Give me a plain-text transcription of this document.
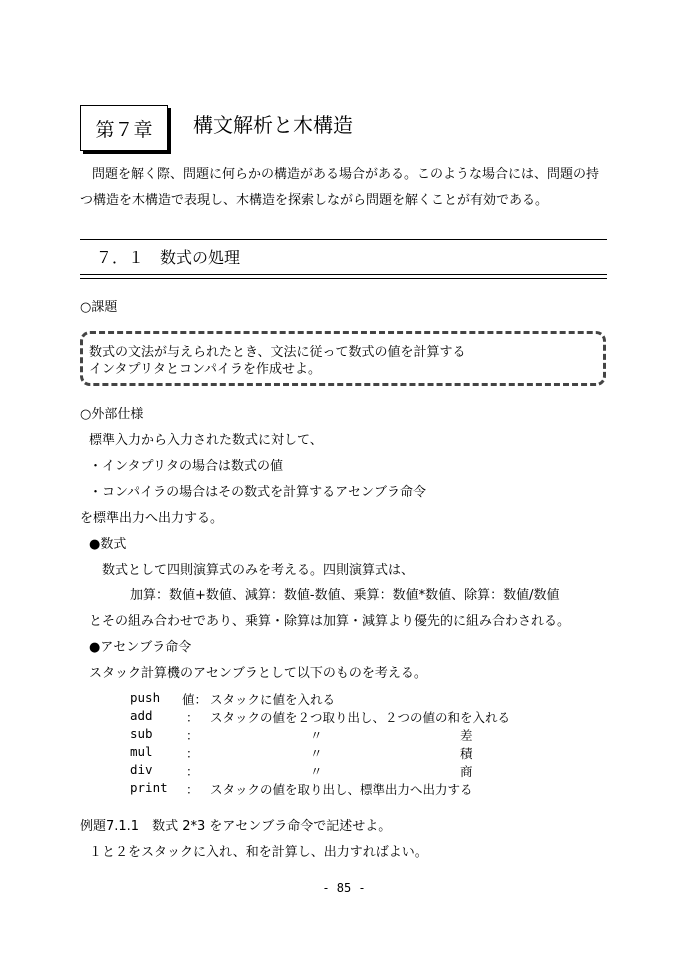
第７章 構文解析と木構造
問題を解く際、問題に何らかの構造がある場合がある。このような場合には、問題の持
つ構造を木構造で表現し、木構造を探索しながら問題を解くことが有効である。
７．１　数式の処理
○課題
数式の文法が与えられたとき、文法に従って数式の値を計算する
インタプリタとコンパイラを作成せよ。
○外部仕様
標準入力から入力された数式に対して、
・インタプリタの場合は数式の値
・コンパイラの場合はその数式を計算するアセンブラ命令
を標準出力へ出力する。
●数式
数式として四則演算式のみを考える。四則演算式は、
加算：数値+数値、減算：数値-数値、乗算：数値*数値、除算：数値/数値
とその組み合わせであり、乗算・除算は加算・減算より優先的に組み合わされる。
●アセンブラ命令
スタック計算機のアセンブラとして以下のものを考える。
push	値：	スタックに値を入れる		
add	：	スタックの値を２つ取り出し、２つの値の和を入れる		
sub	：		〃	差
mul	：		〃	積
div	：		〃	商
print	：	スタックの値を取り出し、標準出力へ出力する		
例題7.1.1　数式 2*3 をアセンブラ命令で記述せよ。
１と２をスタックに入れ、和を計算し、出力すればよい。
- 85 -
